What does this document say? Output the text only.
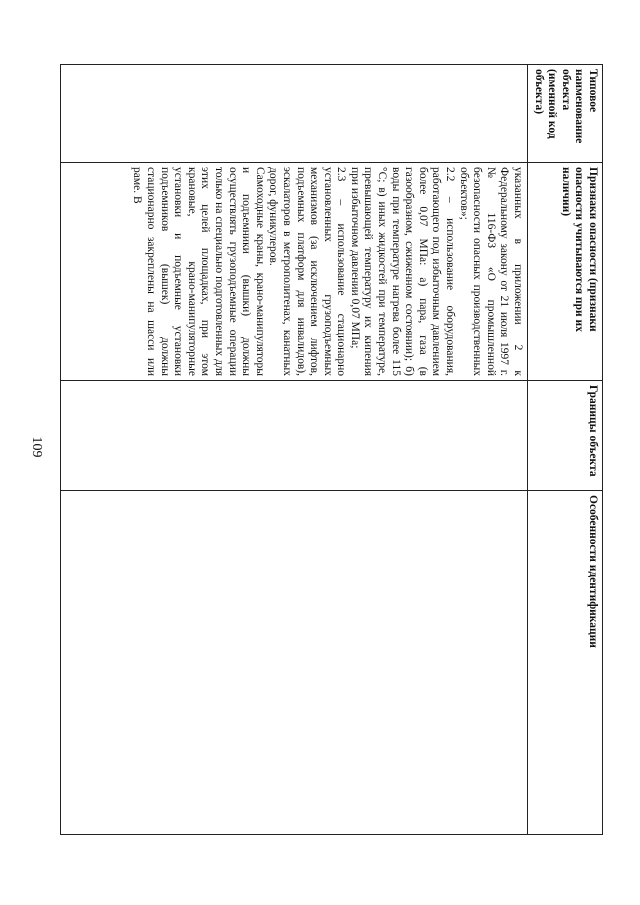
109
Типовое наименование объекта (именной код объекта)	Признаки опасности (признаки опасности учитываются при их наличии)	Границы объекта	Особенности идентификации

	указанных в приложении 2 к Федеральному закону от 21 июля 1997 г. № 116-ФЗ «О промышленной безопасности опасных производственных объектов»;

2.2 – использование оборудования, работающего под избыточным давлением более 0,07 МПа: а) пара, газа (в газообразном, сжиженном состоянии); б) воды при температуре нагрева более 115 °С; в) иных жидкостей при температуре, превышающей температуру их кипения при избыточном давлении 0,07 МПа;

2.3 – использование стационарно установленных грузоподъемных механизмов (за исключением лифтов, подъемных платформ для инвалидов), эскалаторов в метрополитенах, канатных дорог, фуникулеров.

Самоходные краны, крано-манипуляторы и подъемники (вышки) должны осуществлять грузоподъемные операции только на специально подготовленных для этих целей площадках, при этом крановые, крано-манипуляторные установки и подъемные установки подъемников (вышек) должны стационарно закреплены на шасси или раме. В		
